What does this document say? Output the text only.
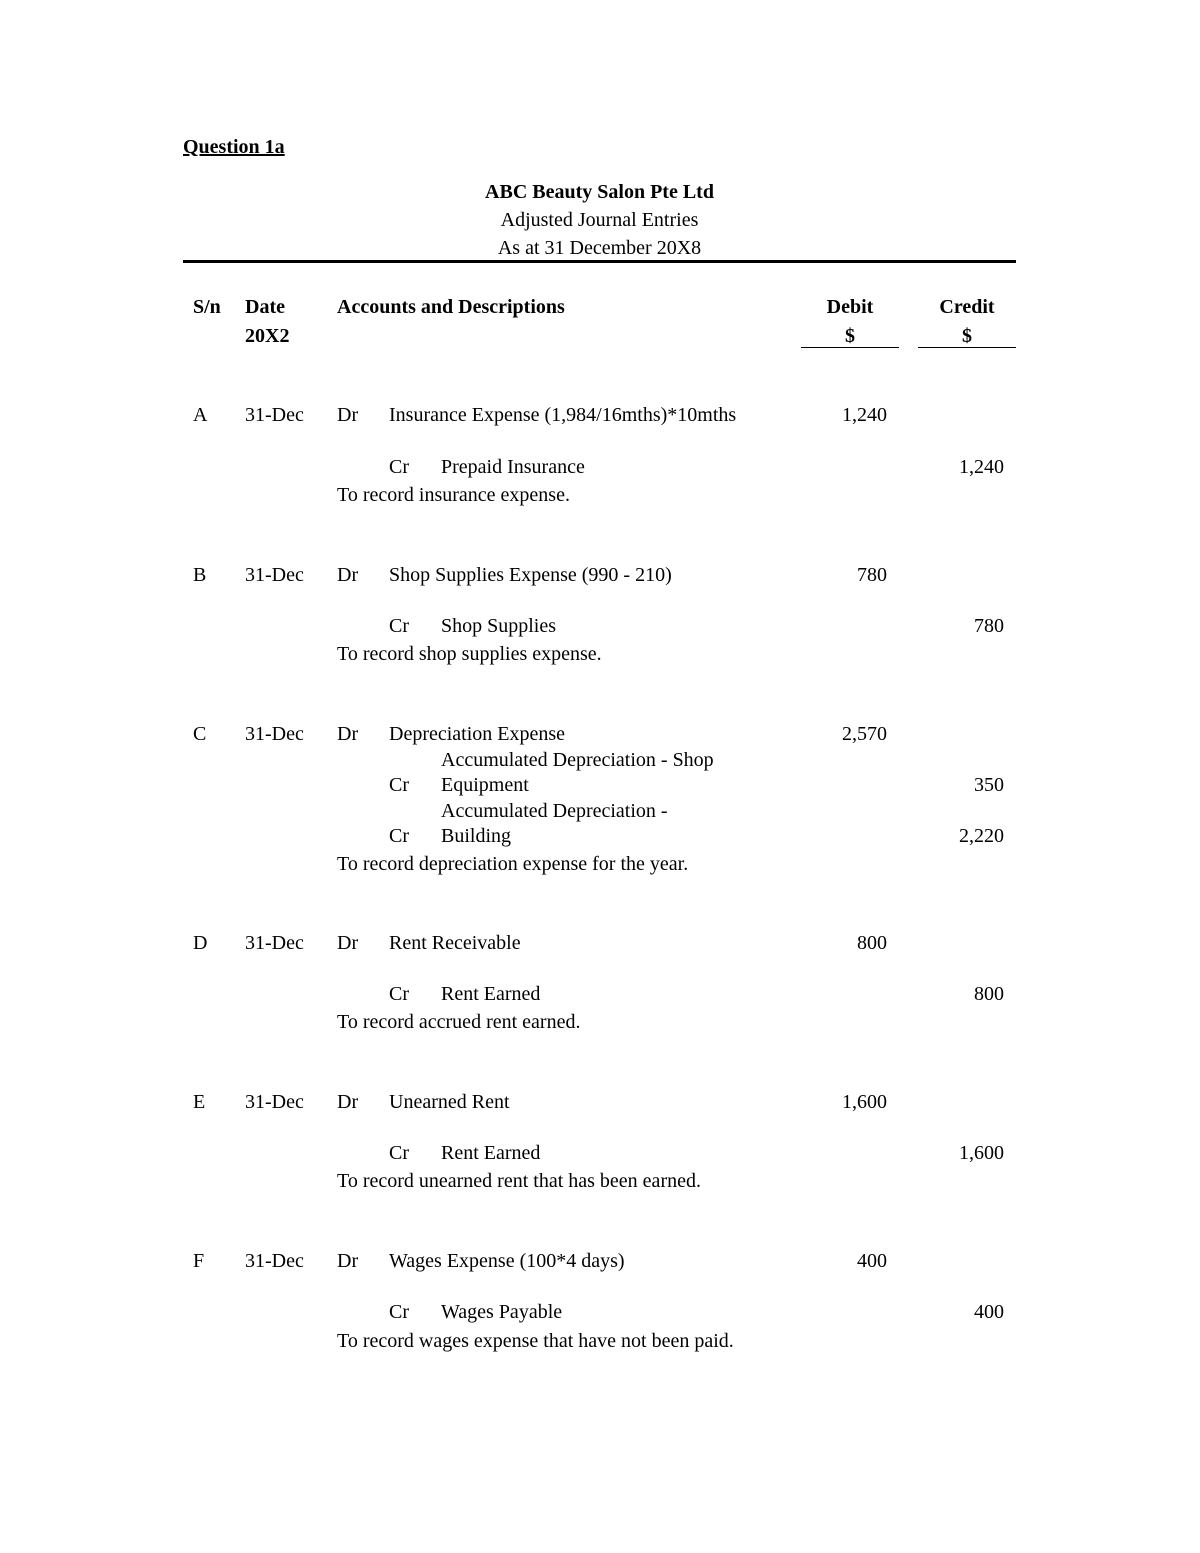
Question 1a
ABC Beauty Salon Pte Ltd
Adjusted Journal Entries
As at 31 December 20X8
S/n Date
20X2
Accounts and Descriptions	Debit
$
Credit
$
A 31-Dec Dr Insurance Expense (1,984/16mths)*10mths	1,240
Cr Prepaid Insurance	1,240
To record insurance expense.
B 31-Dec Dr Shop Supplies Expense (990 - 210)	780
Cr Shop Supplies	780
To record shop supplies expense.
C 31-Dec Dr Depreciation Expense	2,570
Accumulated Depreciation - Shop
Cr Equipment	350
Accumulated Depreciation -
Cr Building	2,220
To record depreciation expense for the year.
D 31-Dec Dr Rent Receivable	800
Cr Rent Earned	800
To record accrued rent earned.
E 31-Dec Dr Unearned Rent	1,600
Cr Rent Earned	1,600
To record unearned rent that has been earned.
F 31-Dec Dr Wages Expense (100*4 days)	400
Cr Wages Payable	400
To record wages expense that have not been paid.
